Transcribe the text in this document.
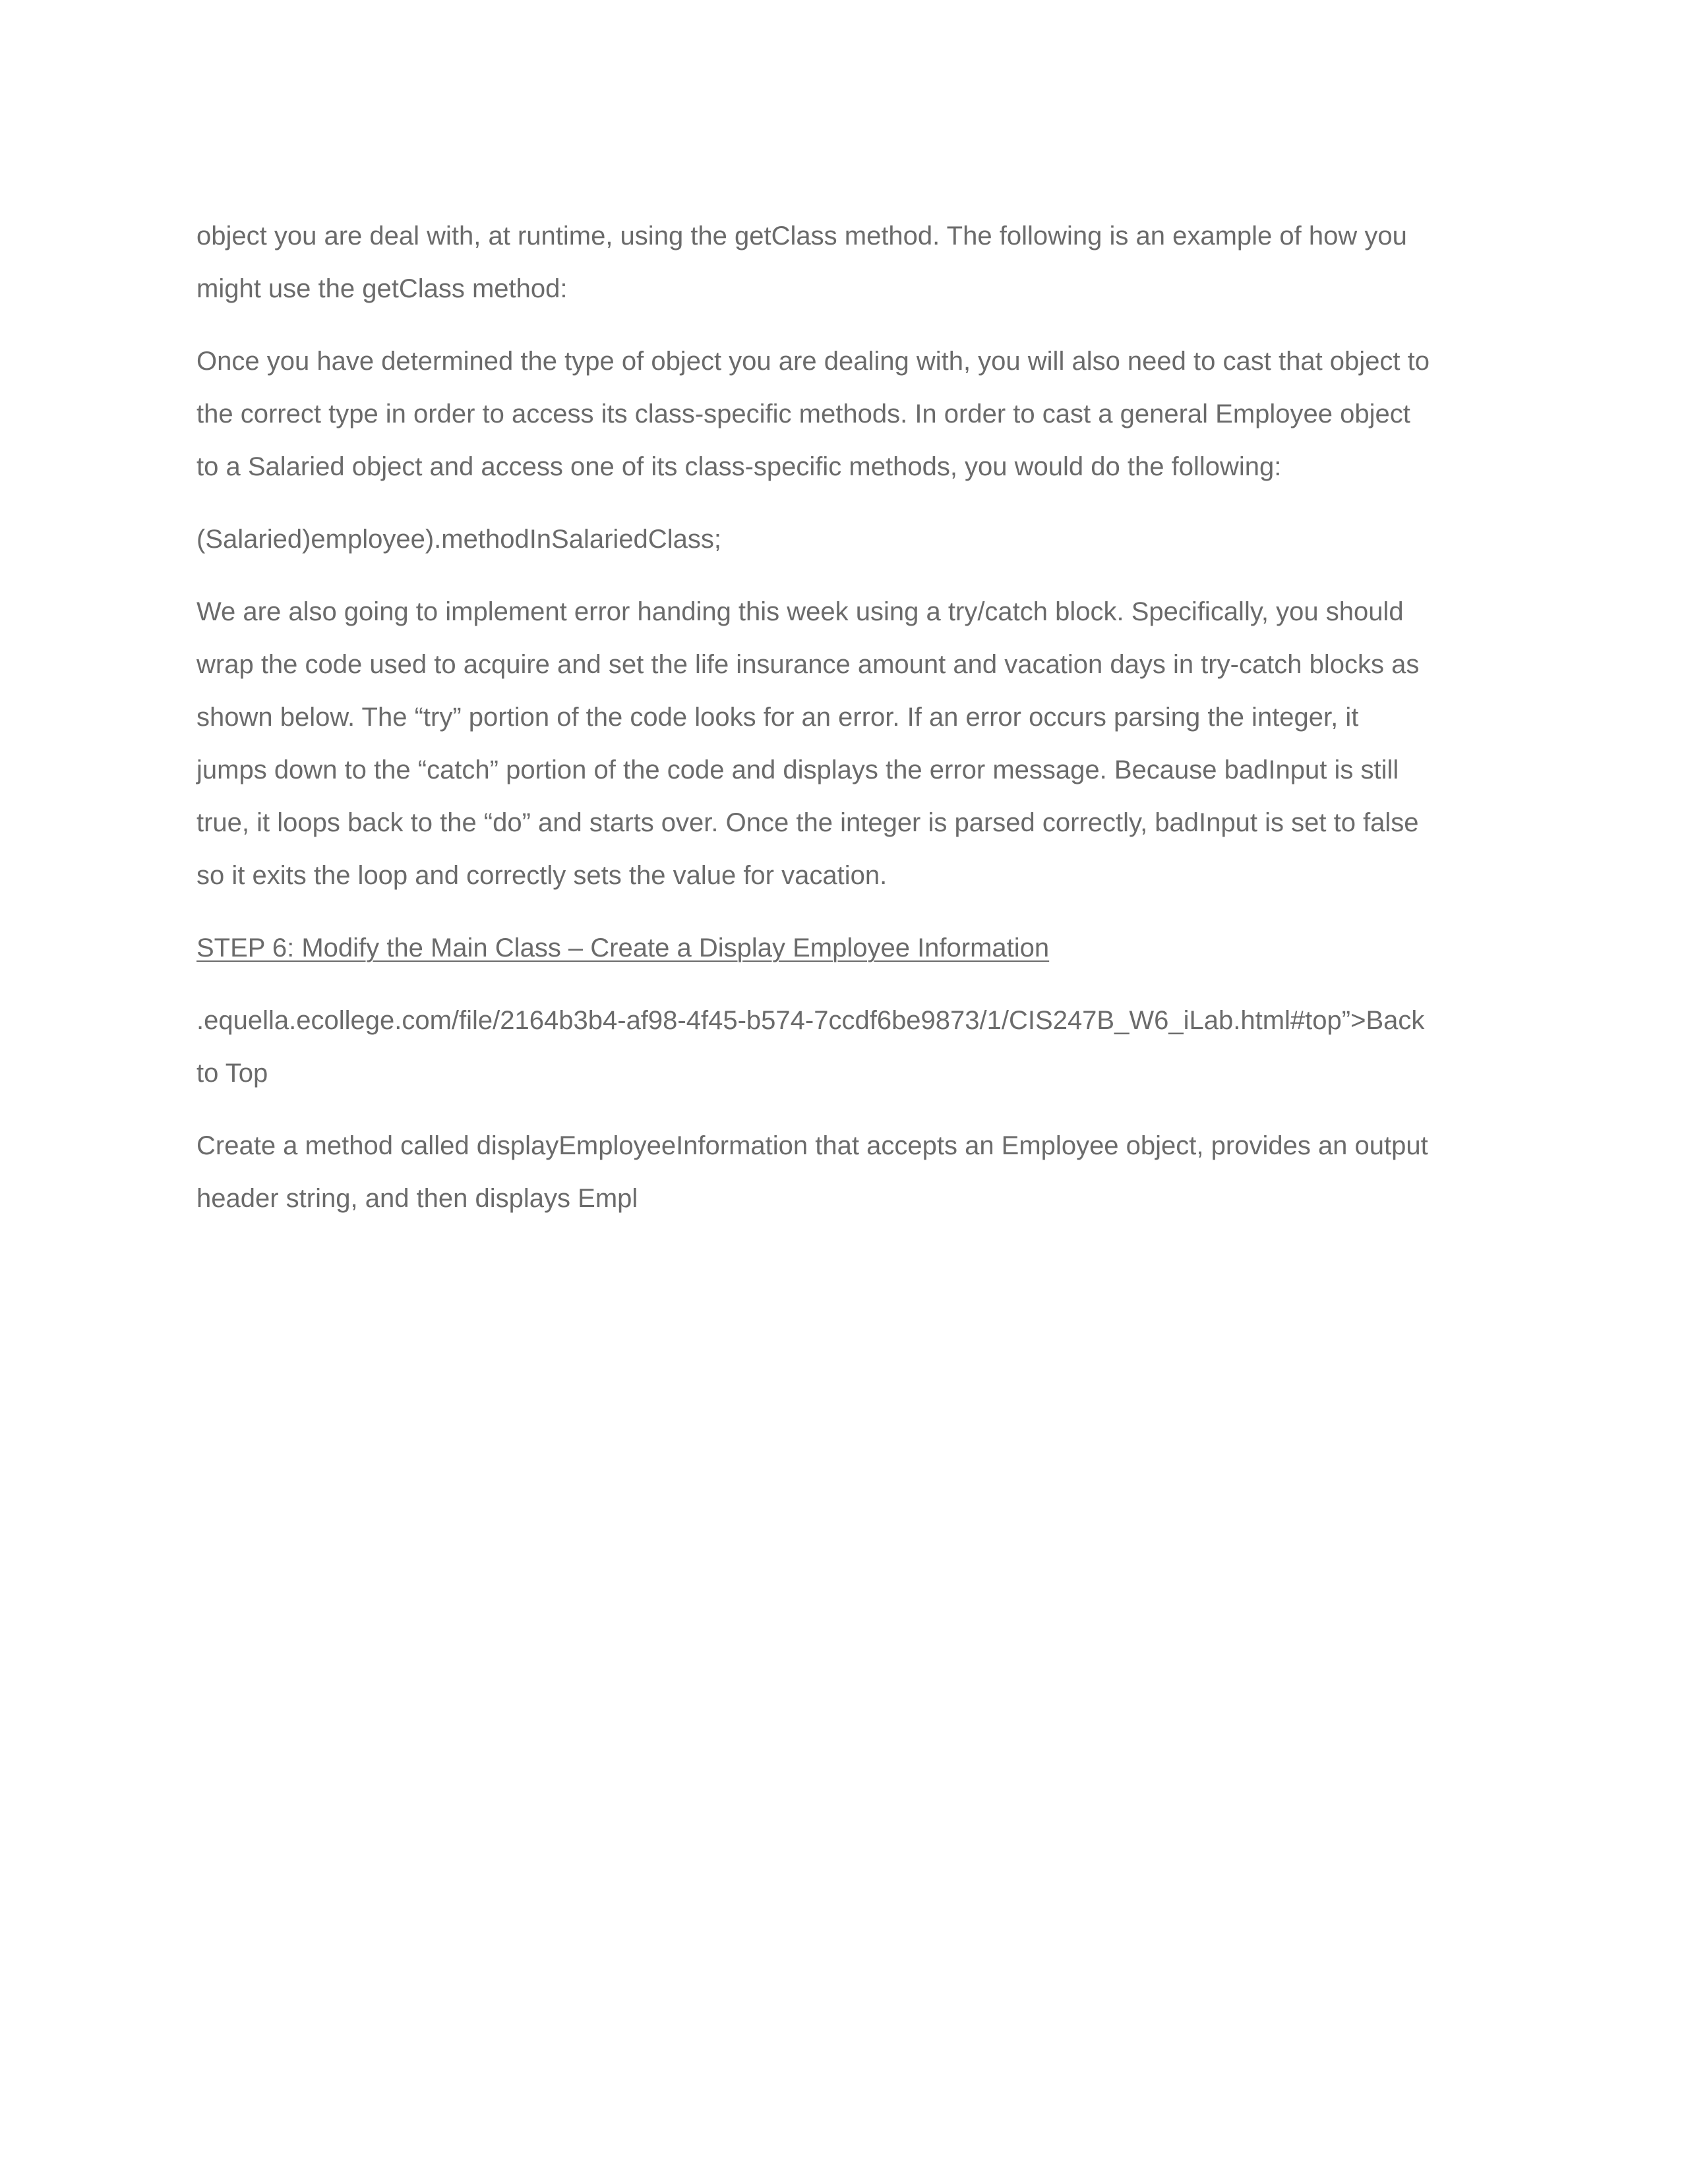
object you are deal with, at runtime, using the getClass method. The following is an example of how you
might use the getClass method:

Once you have determined the type of object you are dealing with, you will also need to cast that object to
the correct type in order to access its class-specific methods. In order to cast a general Employee object
to a Salaried object and access one of its class-specific methods, you would do the following:

(Salaried)employee).methodInSalariedClass;

We are also going to implement error handing this week using a try/catch block. Specifically, you should
wrap the code used to acquire and set the life insurance amount and vacation days in try-catch blocks as
shown below. The “try” portion of the code looks for an error. If an error occurs parsing the integer, it
jumps down to the “catch” portion of the code and displays the error message. Because badInput is still
true, it loops back to the “do” and starts over. Once the integer is parsed correctly, badInput is set to false
so it exits the loop and correctly sets the value for vacation.

STEP 6: Modify the Main Class – Create a Display Employee Information

.equella.ecollege.com/file/2164b3b4-af98-4f45-b574-7ccdf6be9873/1/CIS247B_W6_iLab.html#top”>Back
to Top

Create a method called displayEmployeeInformation that accepts an Employee object, provides an output
header string, and then displays Empl
